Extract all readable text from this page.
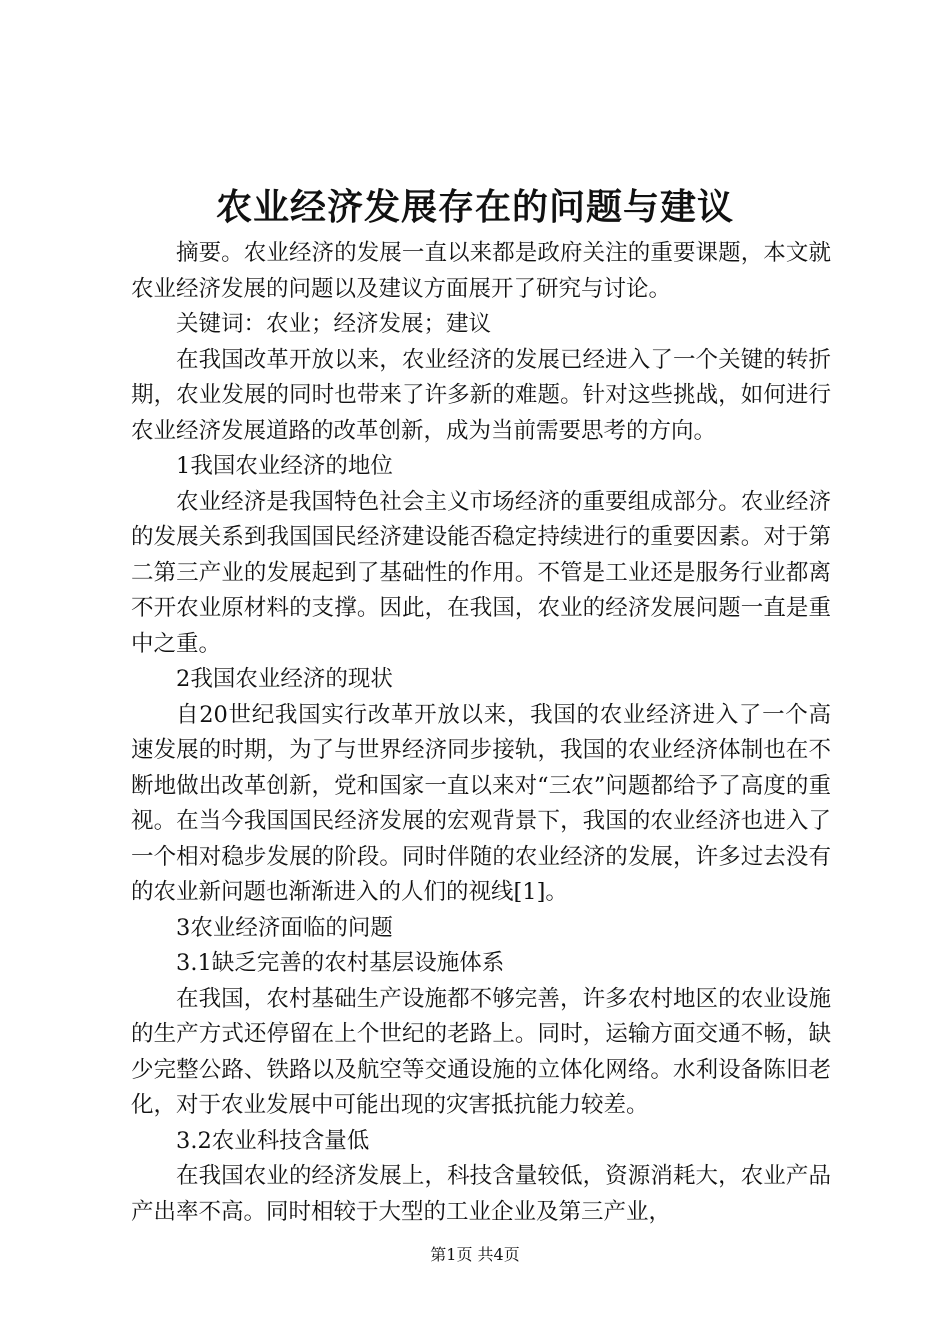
农业经济发展存在的问题与建议

摘要。农业经济的发展一直以来都是政府关注的重要课题，本文就农业经济发展的问题以及建议方面展开了研究与讨论。

关键词：农业；经济发展；建议

在我国改革开放以来，农业经济的发展已经进入了一个关键的转折期，农业发展的同时也带来了许多新的难题。针对这些挑战，如何进行农业经济发展道路的改革创新，成为当前需要思考的方向。

1我国农业经济的地位

农业经济是我国特色社会主义市场经济的重要组成部分。农业经济的发展关系到我国国民经济建设能否稳定持续进行的重要因素。对于第二第三产业的发展起到了基础性的作用。不管是工业还是服务行业都离不开农业原材料的支撑。因此，在我国，农业的经济发展问题一直是重中之重。

2我国农业经济的现状

自20世纪我国实行改革开放以来，我国的农业经济进入了一个高速发展的时期，为了与世界经济同步接轨，我国的农业经济体制也在不断地做出改革创新，党和国家一直以来对“三农”问题都给予了高度的重视。在当今我国国民经济发展的宏观背景下，我国的农业经济也进入了一个相对稳步发展的阶段。同时伴随的农业经济的发展，许多过去没有的农业新问题也渐渐进入的人们的视线[1]。

3农业经济面临的问题

3.1缺乏完善的农村基层设施体系

在我国，农村基础生产设施都不够完善，许多农村地区的农业设施的生产方式还停留在上个世纪的老路上。同时，运输方面交通不畅，缺少完整公路、铁路以及航空等交通设施的立体化网络。水利设备陈旧老化，对于农业发展中可能出现的灾害抵抗能力较差。

3.2农业科技含量低

在我国农业的经济发展上，科技含量较低，资源消耗大，农业产品产出率不高。同时相较于大型的工业企业及第三产业，

第1页 共4页
